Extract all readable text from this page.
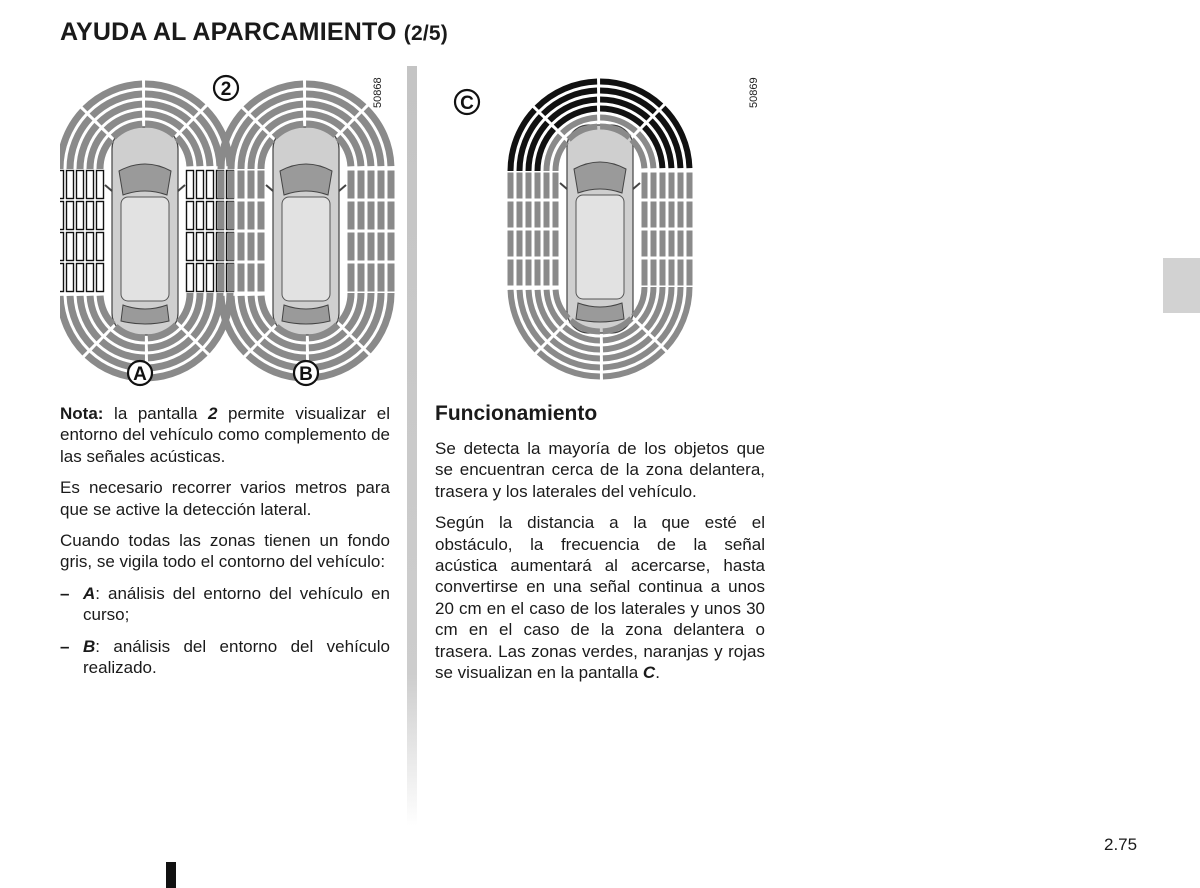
AYUDA AL APARCAMIENTO (2/5)
2
A	B
50868	C	50869

Nota: la pantalla 2 permite visualizar el entorno del vehículo como complemento de las señales acústicas.

Es necesario recorrer varios metros para que se active la detección lateral.

Cuando todas las zonas tienen un fondo gris, se vigila todo el contorno del vehículo:

– A: análisis del entorno del vehículo en curso;
– B: análisis del entorno del vehículo realizado.
Funcionamiento

Se detecta la mayoría de los objetos que se encuentran cerca de la zona delantera, trasera y los laterales del vehículo.

Según la distancia a la que esté el obstáculo, la frecuencia de la señal acústica aumentará al acercarse, hasta convertirse en una señal continua a unos 20 cm en el caso de los laterales y unos 30 cm en el caso de la zona delantera o trasera. Las zonas verdes, naranjas y rojas se visualizan en la pantalla C.

2.75
